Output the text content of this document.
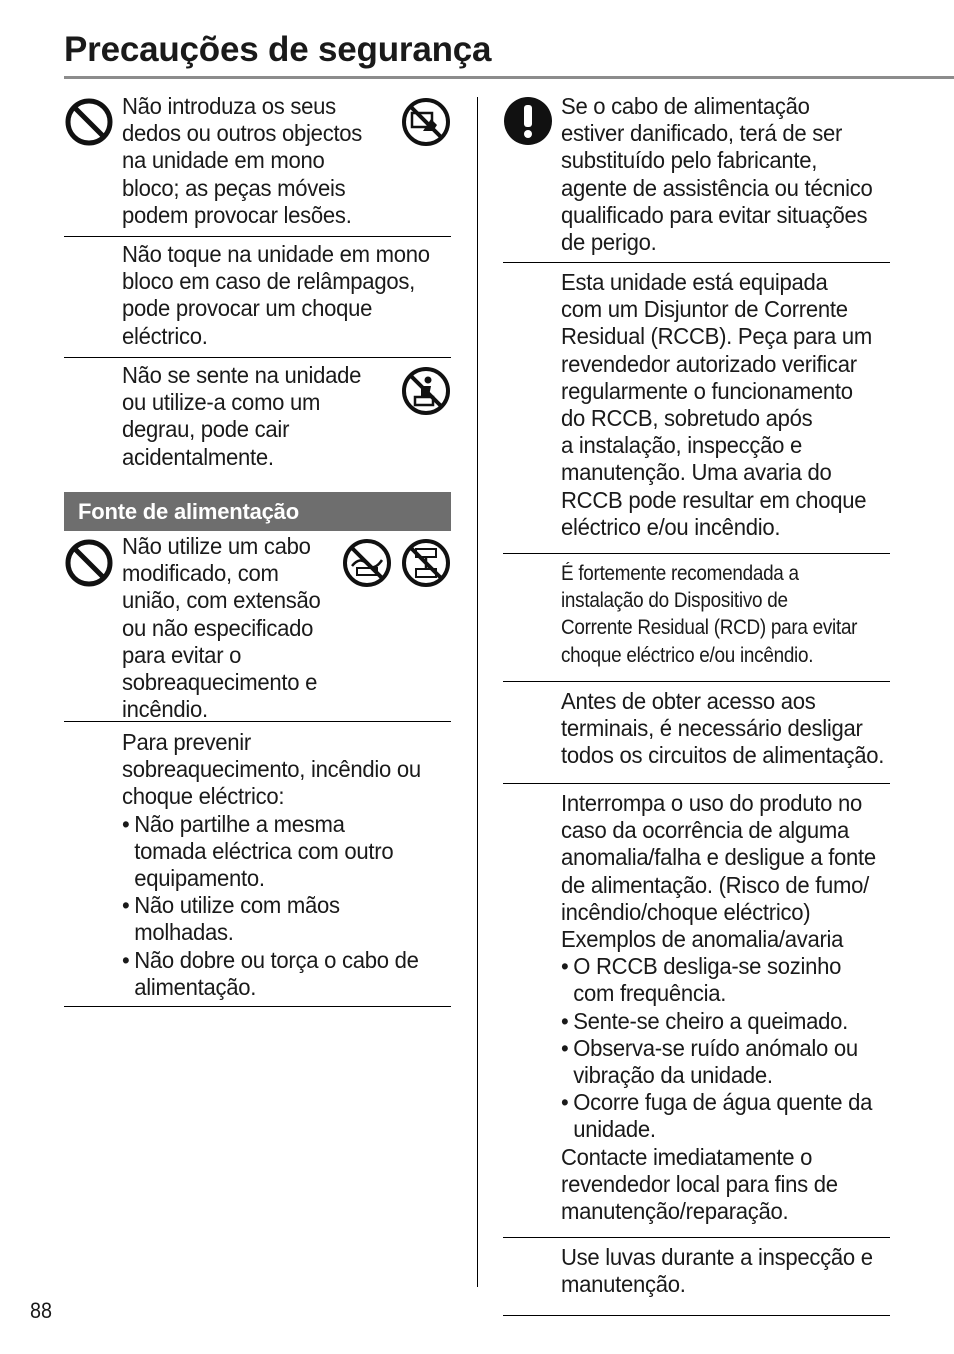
Precauções de segurança

Não introduza os seus

dedos ou outros objectos

na unidade em mono

bloco; as peças móveis

podem provocar lesões.

Não toque na unidade em mono

bloco em caso de relâmpagos,

pode provocar um choque

eléctrico.

Não se sente na unidade

ou utilize-a como um

degrau, pode cair

acidentalmente.

Fonte de alimentação

Não utilize um cabo

modificado, com

união, com extensão

ou não especificado

para evitar o

sobreaquecimento e

incêndio.

Para prevenir

sobreaquecimento, incêndio ou

choque eléctrico:

• Não partilhe a mesma
tomada eléctrica com outro
equipamento.
• Não utilize com mãos
molhadas.
• Não dobre ou torça o cabo de
alimentação.

Se o cabo de alimentação

estiver danificado, terá de ser

substituído pelo fabricante,

agente de assistência ou técnico

qualificado para evitar situações

de perigo.

Esta unidade está equipada

com um Disjuntor de Corrente

Residual (RCCB). Peça para um

revendedor autorizado verificar

regularmente o funcionamento

do RCCB, sobretudo após

a instalação, inspecção e

manutenção. Uma avaria do

RCCB pode resultar em choque

eléctrico e/ou incêndio.

É fortemente recomendada a

instalação do Dispositivo de

Corrente Residual (RCD) para evitar

choque eléctrico e/ou incêndio.

Antes de obter acesso aos

terminais, é necessário desligar

todos os circuitos de alimentação.

Interrompa o uso do produto no

caso da ocorrência de alguma

anomalia/falha e desligue a fonte

de alimentação. (Risco de fumo/

incêndio/choque eléctrico)

Exemplos de anomalia/avaria

• O RCCB desliga-se sozinho
com frequência.
• Sente-se cheiro a queimado.
• Observa-se ruído anómalo ou
vibração da unidade.
• Ocorre fuga de água quente da
unidade.

Contacte imediatamente o

revendedor local para fins de

manutenção/reparação.

Use luvas durante a inspecção e

manutenção.

88
